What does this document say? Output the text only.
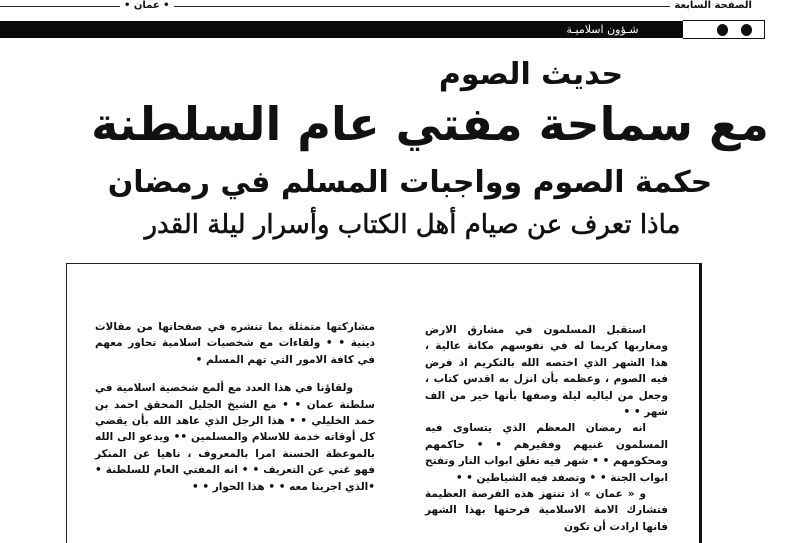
الصفحة السابعة
• عمان •
شـؤون اسلاميـة
حديث الصوم
مع سماحة مفتي عام السلطنة
حكمة الصوم وواجبات المسلم في رمضان
ماذا تعرف عن صيام أهل الكتاب وأسرار ليلة القدر

استقبل المسلمون في مشارق الارض ومغاربها كريما له في نفوسهم مكانة عالية ، هذا الشهر الذي اختصه الله بالتكريم اذ فرض فيه الصوم ، وعظمه بأن انزل به اقدس كتاب ، وجعل من لياليه ليلة وصفها بأنها خير من الف شهر • •

انه رمضان المعظم الذي يتساوى فيه المسلمون غنيهم وفقيرهم • • حاكمهم ومحكومهم • • شهر فيه تغلق ابواب النار وتفتح ابواب الجنة • • وتصفد فيه الشياطين • •

و « عمان » اذ تنتهز هذه الفرصة العظيمة فتشارك الامة الاسلامية فرحتها بهذا الشهر فانها ارادت أن تكون

مشاركتها متمثلة بما تنشره في صفحاتها من مقالات دينية • • ولقاءات مع شخصيات اسلامية تحاور معهم في كافة الامور التي تهم المسلم •

ولقاؤنا في هذا العدد مع ألمع شخصية اسلامية في سلطنة عمان • • مع الشيخ الجليل المحقق احمد بن حمد الخليلي • • هذا الرجل الذي عاهد الله بأن يقضي كل أوقاته خدمة للاسلام والمسلمين •• ويدعو الى الله بالموعظة الحسنة امرا بالمعروف ، ناهيا عن المنكر فهو غني عن التعريف • • انه المفتي العام للسلطنة • •الذي اجرينا معه • • هذا الحوار • •
